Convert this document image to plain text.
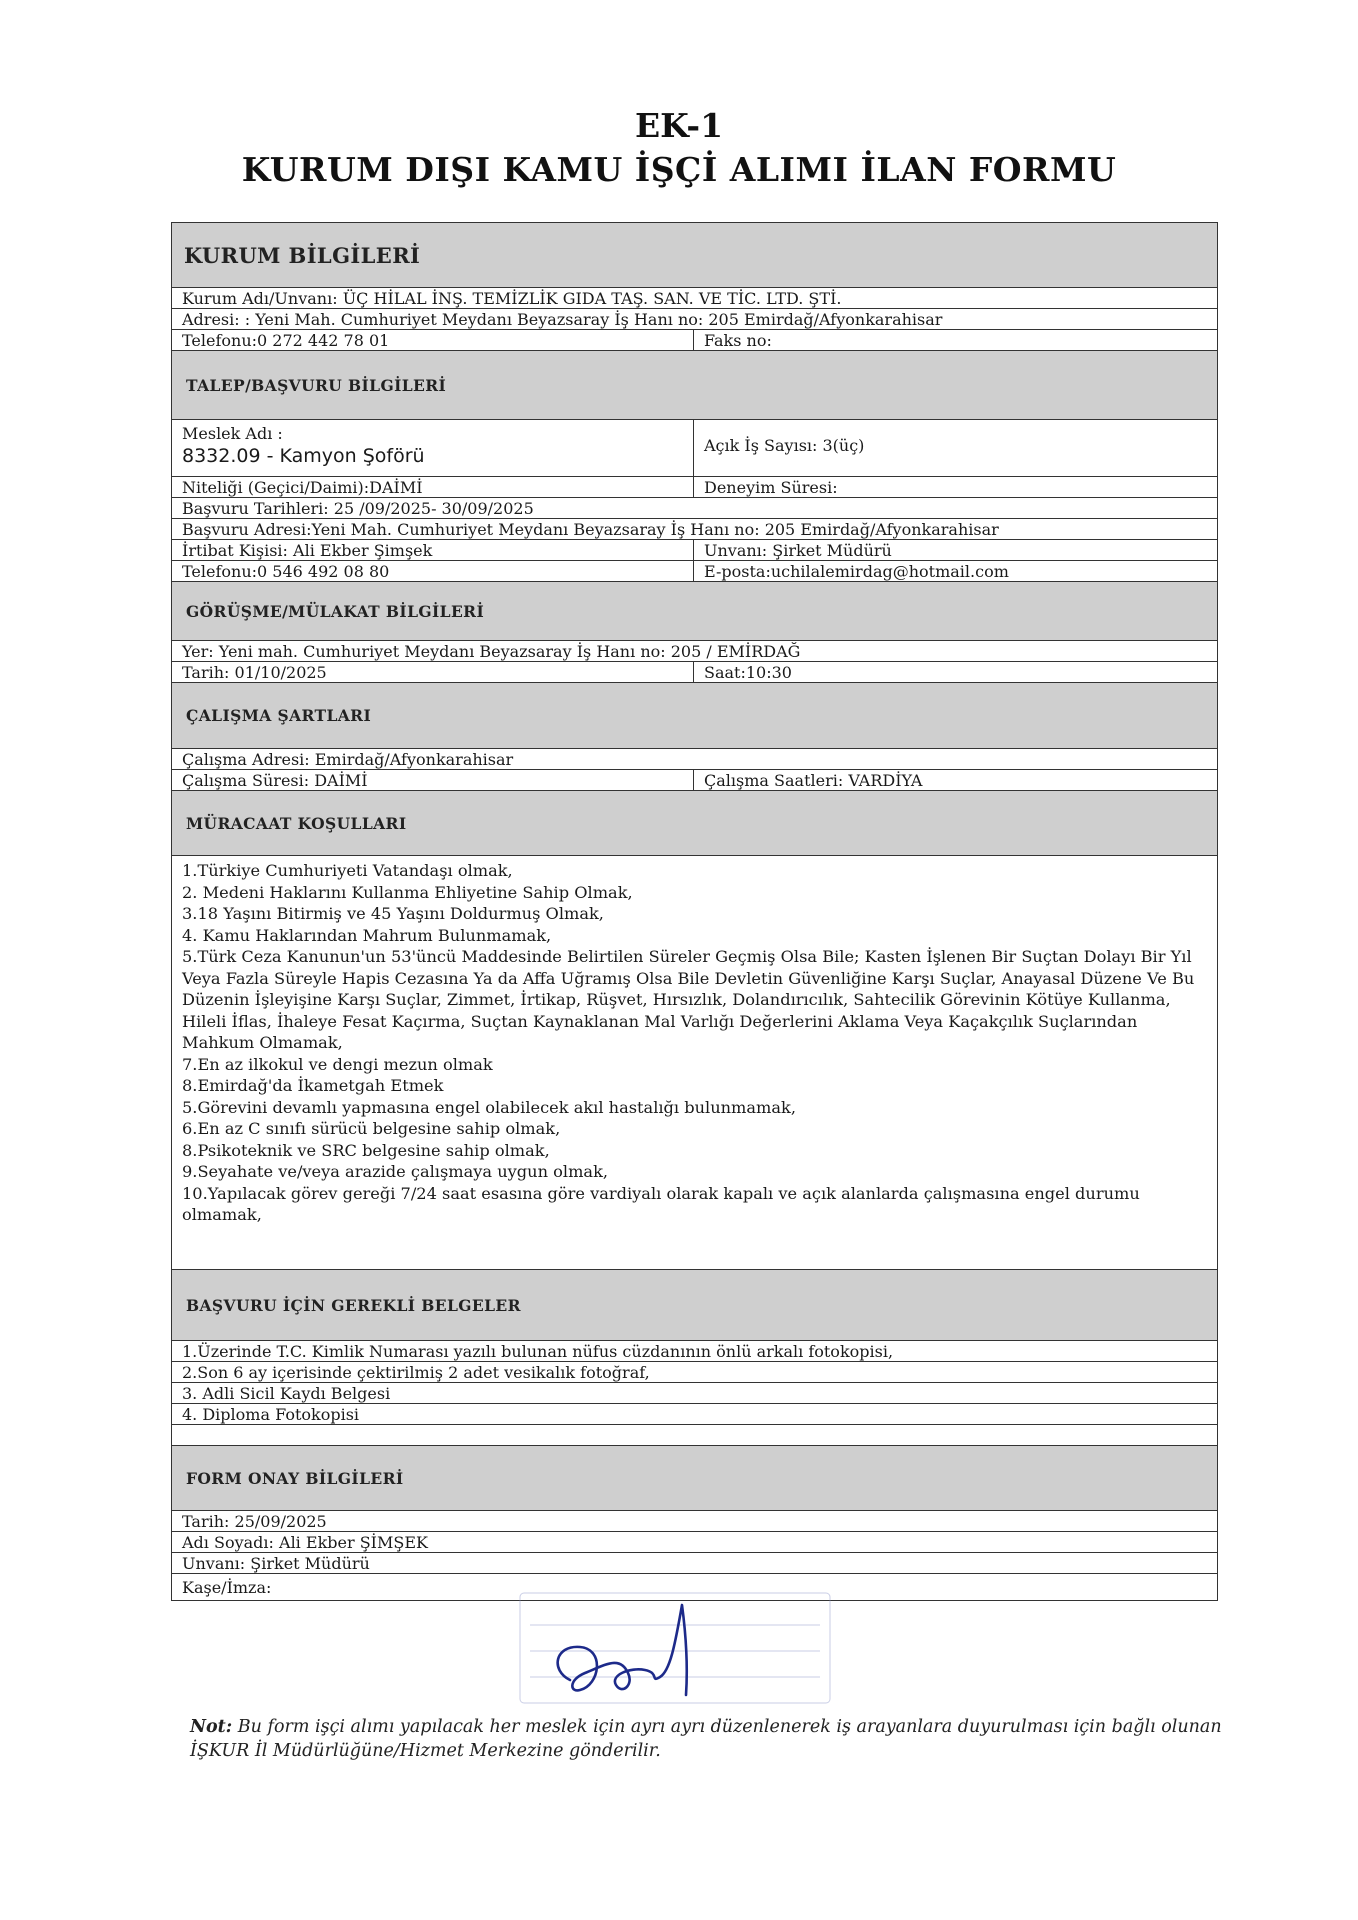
EK-1
KURUM DIŞI KAMU İŞÇİ ALIMI İLAN FORMU
KURUM BİLGİLERİ
Kurum Adı/Unvanı: ÜÇ HİLAL İNŞ. TEMİZLİK GIDA TAŞ. SAN. VE TİC. LTD. ŞTİ.
Adresi: : Yeni Mah. Cumhuriyet Meydanı Beyazsaray İş Hanı no: 205 Emirdağ/Afyonkarahisar
Telefonu:0 272 442 78 01	Faks no:
TALEP/BAŞVURU BİLGİLERİ
Meslek Adı :
8332.09 - Kamyon Şoförü	Açık İş Sayısı: 3(üç)
Niteliği (Geçici/Daimi):DAİMİ	Deneyim Süresi:
Başvuru Tarihleri: 25 /09/2025- 30/09/2025
Başvuru Adresi:Yeni Mah. Cumhuriyet Meydanı Beyazsaray İş Hanı no: 205 Emirdağ/Afyonkarahisar
İrtibat Kişisi: Ali Ekber Şimşek	Unvanı: Şirket Müdürü
Telefonu:0 546 492 08 80	E-posta:uchilalemirdag@hotmail.com
GÖRÜŞME/MÜLAKAT BİLGİLERİ
Yer: Yeni mah. Cumhuriyet Meydanı Beyazsaray İş Hanı no: 205 / EMİRDAĞ
Tarih: 01/10/2025	Saat:10:30
ÇALIŞMA ŞARTLARI
Çalışma Adresi: Emirdağ/Afyonkarahisar
Çalışma Süresi: DAİMİ	Çalışma Saatleri: VARDİYA
MÜRACAAT KOŞULLARI
1.Türkiye Cumhuriyeti Vatandaşı olmak,
2. Medeni Haklarını Kullanma Ehliyetine Sahip Olmak,
3.18 Yaşını Bitirmiş ve 45 Yaşını Doldurmuş Olmak,
4. Kamu Haklarından Mahrum Bulunmamak,
5.Türk Ceza Kanunun'un 53'üncü Maddesinde Belirtilen Süreler Geçmiş Olsa Bile; Kasten İşlenen Bir Suçtan Dolayı Bir Yıl Veya Fazla Süreyle Hapis Cezasına Ya da Affa Uğramış Olsa Bile Devletin Güvenliğine Karşı Suçlar, Anayasal Düzene Ve Bu Düzenin İşleyişine Karşı Suçlar, Zimmet, İrtikap, Rüşvet, Hırsızlık, Dolandırıcılık, Sahtecilik Görevinin Kötüye Kullanma, Hileli İflas, İhaleye Fesat Kaçırma, Suçtan Kaynaklanan Mal Varlığı Değerlerini Aklama Veya Kaçakçılık Suçlarından Mahkum Olmamak,
7.En az ilkokul ve dengi mezun olmak
8.Emirdağ'da İkametgah Etmek
5.Görevini devamlı yapmasına engel olabilecek akıl hastalığı bulunmamak,
6.En az C sınıfı sürücü belgesine sahip olmak,
8.Psikoteknik ve SRC belgesine sahip olmak,
9.Seyahate ve/veya arazide çalışmaya uygun olmak,
10.Yapılacak görev gereği 7/24 saat esasına göre vardiyalı olarak kapalı ve açık alanlarda çalışmasına engel durumu olmamak,
BAŞVURU İÇİN GEREKLİ BELGELER
1.Üzerinde T.C. Kimlik Numarası yazılı bulunan nüfus cüzdanının önlü arkalı fotokopisi,
2.Son 6 ay içerisinde çektirilmiş 2 adet vesikalık fotoğraf,
3. Adli Sicil Kaydı Belgesi
4. Diploma Fotokopisi
FORM ONAY BİLGİLERİ
Tarih: 25/09/2025
Adı Soyadı: Ali Ekber ŞİMŞEK
Unvanı: Şirket Müdürü
Kaşe/İmza:
Not: Bu form işçi alımı yapılacak her meslek için ayrı ayrı düzenlenerek iş arayanlara duyurulması için bağlı olunan İŞKUR İl Müdürlüğüne/Hizmet Merkezine gönderilir.
